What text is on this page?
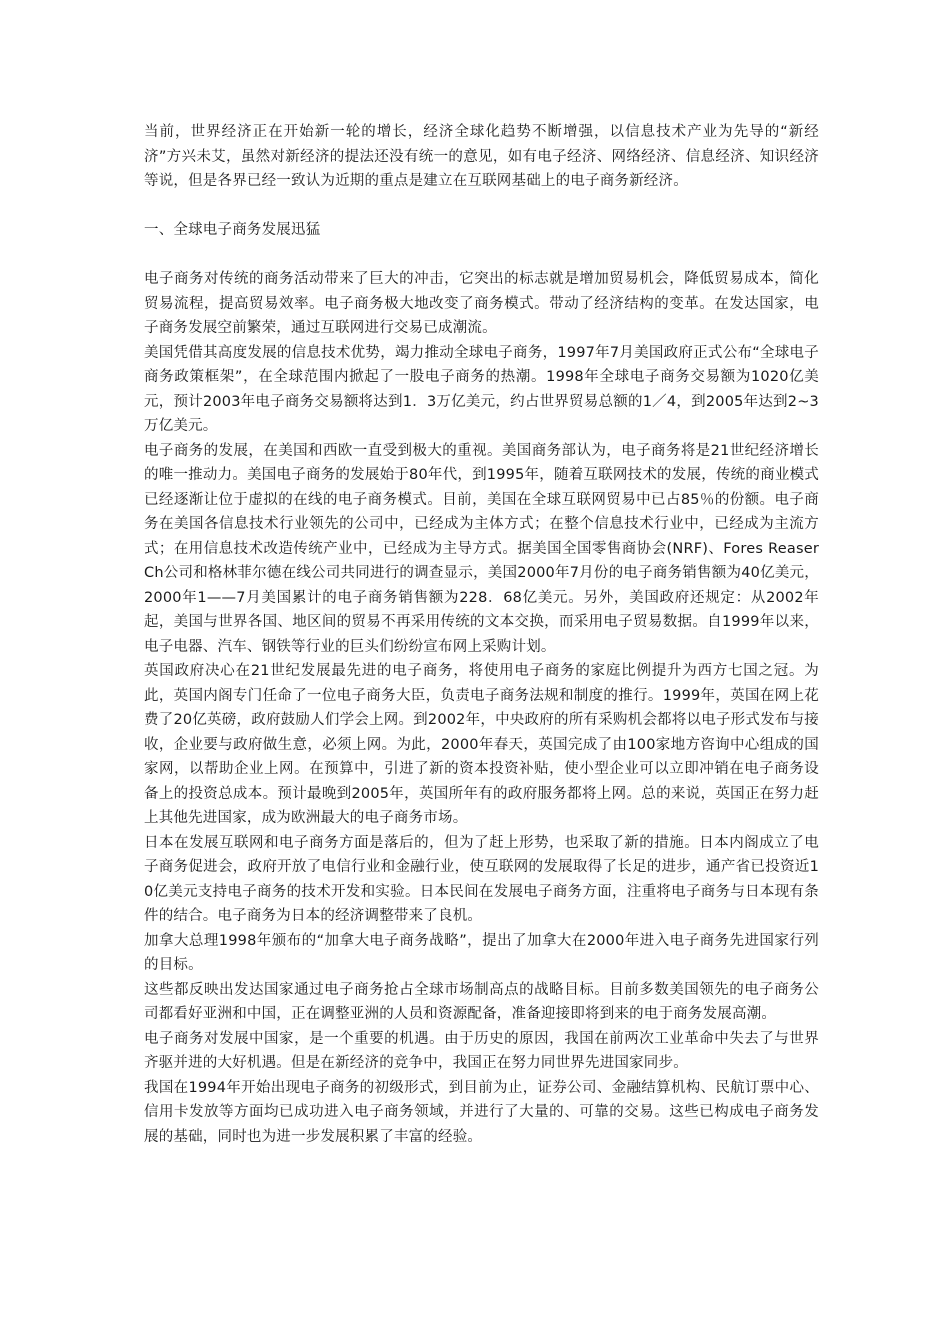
当前，世界经济正在开始新一轮的增长，经济全球化趋势不断增强，以信息技术产业为先导的“新经济”方兴未艾，虽然对新经济的提法还没有统一的意见，如有电子经济、网络经济、信息经济、知识经济等说，但是各界已经一致认为近期的重点是建立在互联网基础上的电子商务新经济。

一、全球电子商务发展迅猛

电子商务对传统的商务活动带来了巨大的冲击，它突出的标志就是增加贸易机会，降低贸易成本，简化贸易流程，提高贸易效率。电子商务极大地改变了商务模式。带动了经济结构的变革。在发达国家，电子商务发展空前繁荣，通过互联网进行交易已成潮流。

美国凭借其高度发展的信息技术优势，竭力推动全球电子商务，1997年7月美国政府正式公布“全球电子商务政策框架”，在全球范围内掀起了一股电子商务的热潮。1998年全球电子商务交易额为1020亿美元，预计2003年电子商务交易额将达到1．3万亿美元，约占世界贸易总额的1／4，到2005年达到2~3万亿美元。

电子商务的发展，在美国和西欧一直受到极大的重视。美国商务部认为，电子商务将是21世纪经济增长的唯一推动力。美国电子商务的发展始于80年代，到1995年，随着互联网技术的发展，传统的商业模式已经逐渐让位于虚拟的在线的电子商务模式。目前，美国在全球互联网贸易中已占85％的份额。电子商务在美国各信息技术行业领先的公司中，已经成为主体方式；在整个信息技术行业中，已经成为主流方式；在用信息技术改造传统产业中，已经成为主导方式。据美国全国零售商协会(NRF)、Fores Reaser Ch公司和格林菲尔德在线公司共同进行的调查显示，美国2000年7月份的电子商务销售额为40亿美元，2000年1——7月美国累计的电子商务销售额为228．68亿美元。另外，美国政府还规定：从2002年起，美国与世界各国、地区间的贸易不再采用传统的文本交换，而采用电子贸易数据。自1999年以来，电子电器、汽车、钢铁等行业的巨头们纷纷宣布网上采购计划。

英国政府决心在21世纪发展最先进的电子商务，将使用电子商务的家庭比例提升为西方七国之冠。为此，英国内阁专门任命了一位电子商务大臣，负责电子商务法规和制度的推行。1999年，英国在网上花费了20亿英磅，政府鼓励人们学会上网。到2002年，中央政府的所有采购机会都将以电子形式发布与接收，企业要与政府做生意，必须上网。为此，2000年春天，英国完成了由100家地方咨询中心组成的国家网，以帮助企业上网。在预算中，引进了新的资本投资补贴，使小型企业可以立即冲销在电子商务设备上的投资总成本。预计最晚到2005年，英国所年有的政府服务都将上网。总的来说，英国正在努力赶上其他先进国家，成为欧洲最大的电子商务市场。

日本在发展互联网和电子商务方面是落后的，但为了赶上形势，也采取了新的措施。日本内阁成立了电子商务促进会，政府开放了电信行业和金融行业，使互联网的发展取得了长足的进步，通产省已投资近10亿美元支持电子商务的技术开发和实验。日本民间在发展电子商务方面，注重将电子商务与日本现有条件的结合。电子商务为日本的经济调整带来了良机。

加拿大总理1998年颁布的“加拿大电子商务战略”，提出了加拿大在2000年进入电子商务先进国家行列的目标。

这些都反映出发达国家通过电子商务抢占全球市场制高点的战略目标。目前多数美国领先的电子商务公司都看好亚洲和中国，正在调整亚洲的人员和资源配备，准备迎接即将到来的电于商务发展高潮。

电子商务对发展中国家，是一个重要的机遇。由于历史的原因，我国在前两次工业革命中失去了与世界齐驱并进的大好机遇。但是在新经济的竞争中，我国正在努力同世界先进国家同步。

我国在1994年开始出现电子商务的初级形式，到目前为止，证券公司、金融结算机构、民航订票中心、信用卡发放等方面均已成功进入电子商务领域，并进行了大量的、可靠的交易。这些已构成电子商务发展的基础，同时也为进一步发展积累了丰富的经验。
